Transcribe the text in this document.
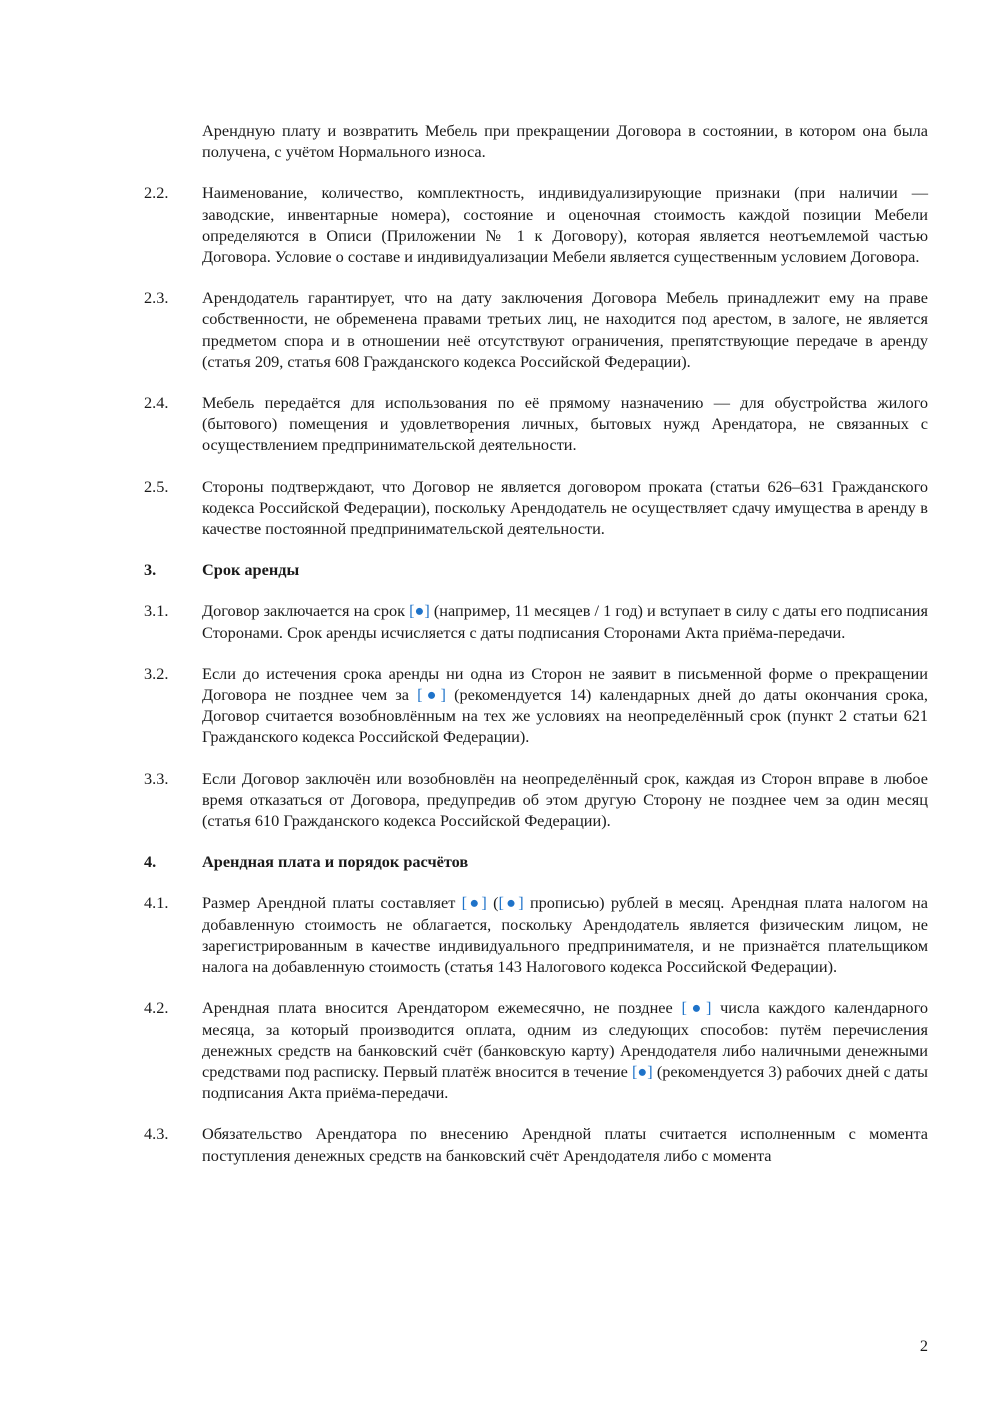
Арендную плату и возвратить Мебель при прекращении Договора в состоянии, в котором она была получена, с учётом Нормального износа.
2.2.	Наименование, количество, комплектность, индивидуализирующие признаки (при наличии — заводские, инвентарные номера), состояние и оценочная стоимость каждой позиции Мебели определяются в Описи (Приложении № 1 к Договору), которая является неотъемлемой частью Договора. Условие о составе и индивидуализации Мебели является существенным условием Договора.
2.3.	Арендодатель гарантирует, что на дату заключения Договора Мебель принадлежит ему на праве собственности, не обременена правами третьих лиц, не находится под арестом, в залоге, не является предметом спора и в отношении неё отсутствуют ограничения, препятствующие передаче в аренду (статья 209, статья 608 Гражданского кодекса Российской Федерации).
2.4.	Мебель передаётся для использования по её прямому назначению — для обустройства жилого (бытового) помещения и удовлетворения личных, бытовых нужд Арендатора, не связанных с осуществлением предпринимательской деятельности.
2.5.	Стороны подтверждают, что Договор не является договором проката (статьи 626–631 Гражданского кодекса Российской Федерации), поскольку Арендодатель не осуществляет сдачу имущества в аренду в качестве постоянной предпринимательской деятельности.
3.	Срок аренды
3.1.	Договор заключается на срок [●] (например, 11 месяцев / 1 год) и вступает в силу с даты его подписания Сторонами. Срок аренды исчисляется с даты подписания Сторонами Акта приёма-передачи.
3.2.	Если до истечения срока аренды ни одна из Сторон не заявит в письменной форме о прекращении Договора не позднее чем за [●] (рекомендуется 14) календарных дней до даты окончания срока, Договор считается возобновлённым на тех же условиях на неопределённый срок (пункт 2 статьи 621 Гражданского кодекса Российской Федерации).
3.3.	Если Договор заключён или возобновлён на неопределённый срок, каждая из Сторон вправе в любое время отказаться от Договора, предупредив об этом другую Сторону не позднее чем за один месяц (статья 610 Гражданского кодекса Российской Федерации).
4.	Арендная плата и порядок расчётов
4.1.	Размер Арендной платы составляет [●] ([●] прописью) рублей в месяц. Арендная плата налогом на добавленную стоимость не облагается, поскольку Арендодатель является физическим лицом, не зарегистрированным в качестве индивидуального предпринимателя, и не признаётся плательщиком налога на добавленную стоимость (статья 143 Налогового кодекса Российской Федерации).
4.2.	Арендная плата вносится Арендатором ежемесячно, не позднее [●] числа каждого календарного месяца, за который производится оплата, одним из следующих способов: путём перечисления денежных средств на банковский счёт (банковскую карту) Арендодателя либо наличными денежными средствами под расписку. Первый платёж вносится в течение [●] (рекомендуется 3) рабочих дней с даты подписания Акта приёма-передачи.
4.3.	Обязательство Арендатора по внесению Арендной платы считается исполненным с момента поступления денежных средств на банковский счёт Арендодателя либо с момента
2
